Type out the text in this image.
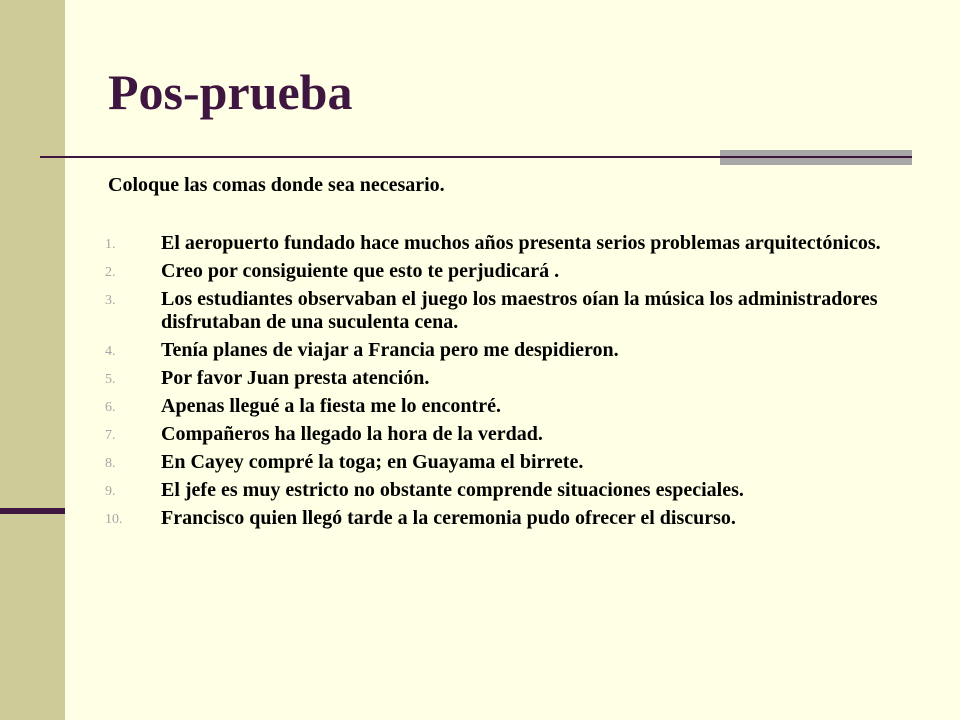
Pos-prueba
Coloque las comas donde sea necesario.
1. El aeropuerto fundado hace muchos años presenta serios problemas arquitectónicos.
2. Creo por consiguiente que esto te perjudicará .
3. Los estudiantes observaban el juego los maestros oían la música los administradores disfrutaban de una suculenta cena.
4. Tenía planes de viajar a Francia pero me despidieron.
5. Por favor Juan presta atención.
6. Apenas llegué a la fiesta me lo encontré.
7. Compañeros ha llegado la hora de la verdad.
8. En Cayey compré la toga; en Guayama el birrete.
9. El jefe es muy estricto no obstante comprende situaciones especiales.
10. Francisco quien llegó tarde a la ceremonia pudo ofrecer el discurso.
